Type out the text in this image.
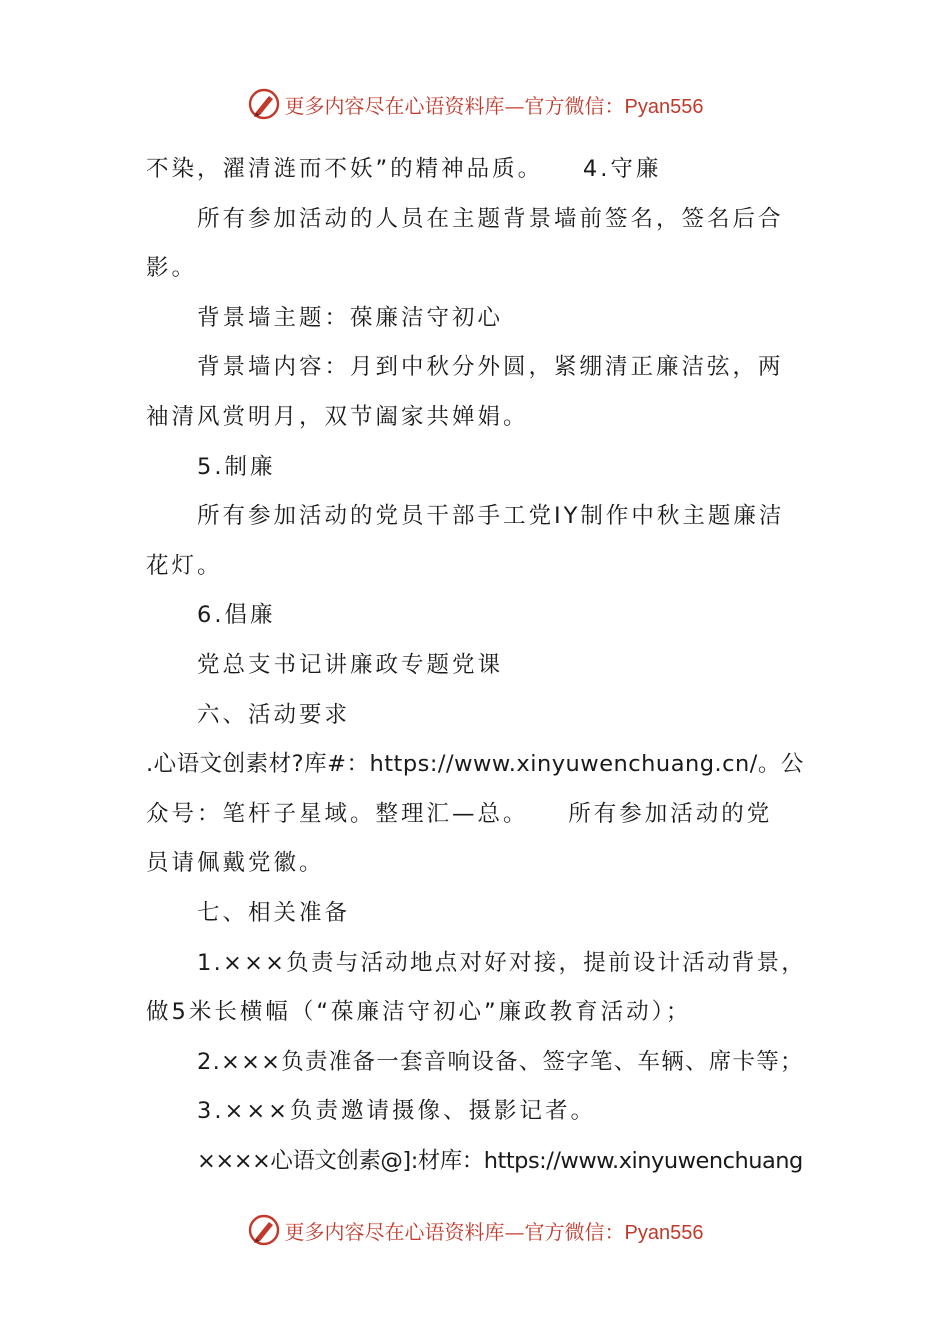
更多内容尽在心语资料库—官方微信：Pyan556

不染，濯清涟而不妖”的精神品质。　　4.守廉

所有参加活动的人员在主题背景墙前签名，签名后合

影。

背景墙主题：葆廉洁守初心

背景墙内容：月到中秋分外圆，紧绷清正廉洁弦，两

袖清风赏明月，双节阖家共婵娟。

5.制廉

所有参加活动的党员干部手工党IY制作中秋主题廉洁

花灯。

6.倡廉

党总支书记讲廉政专题党课

六、活动要求

.心语文创素材?库#：https://www.xinyuwenchuang.cn/。公

众号：笔杆子星域。整理汇—总。　　所有参加活动的党

员请佩戴党徽。

七、相关准备

1.×××负责与活动地点对好对接，提前设计活动背景，

做5米长横幅（“葆廉洁守初心”廉政教育活动）；

2.×××负责准备一套音响设备、签字笔、车辆、席卡等；

3.×××负责邀请摄像、摄影记者。

××××心语文创素@]:材库：https://www.xinyuwenchuang

更多内容尽在心语资料库—官方微信：Pyan556
